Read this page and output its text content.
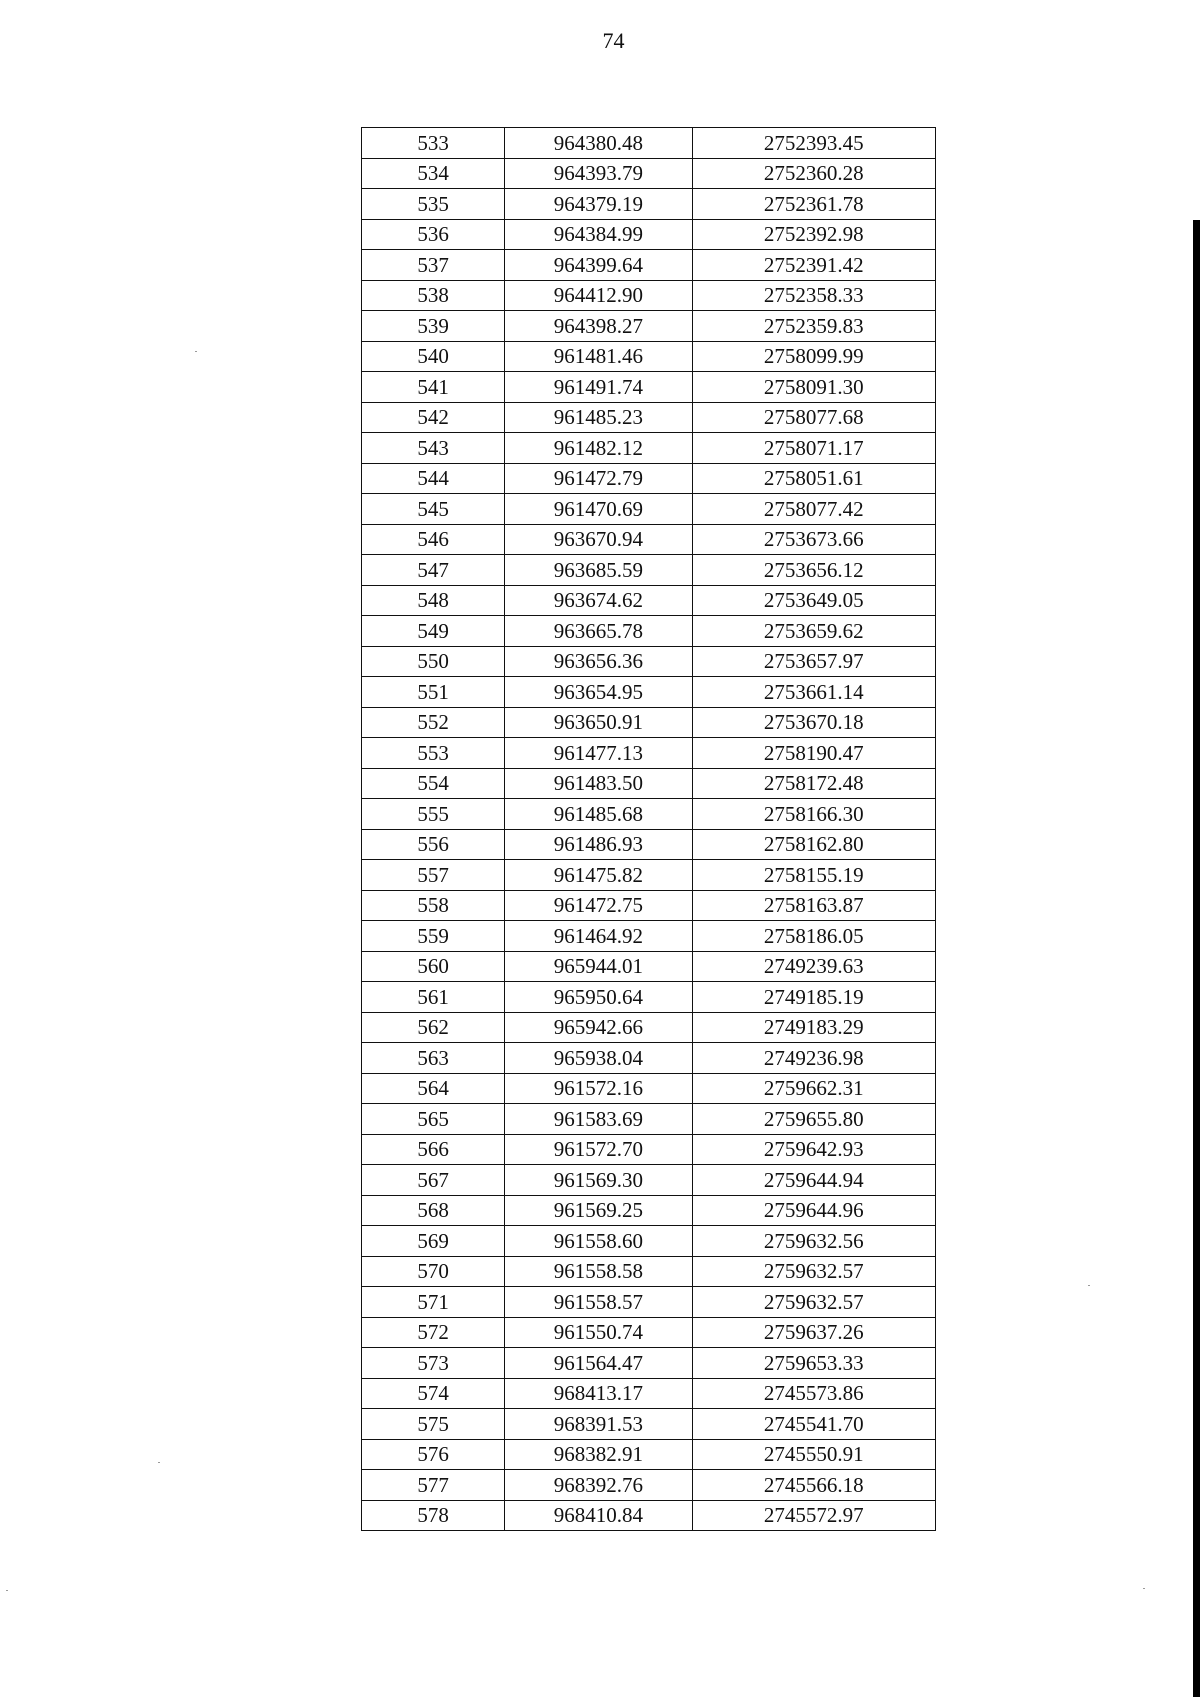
74
533	964380.48	2752393.45
534	964393.79	2752360.28
535	964379.19	2752361.78
536	964384.99	2752392.98
537	964399.64	2752391.42
538	964412.90	2752358.33
539	964398.27	2752359.83
540	961481.46	2758099.99
541	961491.74	2758091.30
542	961485.23	2758077.68
543	961482.12	2758071.17
544	961472.79	2758051.61
545	961470.69	2758077.42
546	963670.94	2753673.66
547	963685.59	2753656.12
548	963674.62	2753649.05
549	963665.78	2753659.62
550	963656.36	2753657.97
551	963654.95	2753661.14
552	963650.91	2753670.18
553	961477.13	2758190.47
554	961483.50	2758172.48
555	961485.68	2758166.30
556	961486.93	2758162.80
557	961475.82	2758155.19
558	961472.75	2758163.87
559	961464.92	2758186.05
560	965944.01	2749239.63
561	965950.64	2749185.19
562	965942.66	2749183.29
563	965938.04	2749236.98
564	961572.16	2759662.31
565	961583.69	2759655.80
566	961572.70	2759642.93
567	961569.30	2759644.94
568	961569.25	2759644.96
569	961558.60	2759632.56
570	961558.58	2759632.57
571	961558.57	2759632.57
572	961550.74	2759637.26
573	961564.47	2759653.33
574	968413.17	2745573.86
575	968391.53	2745541.70
576	968382.91	2745550.91
577	968392.76	2745566.18
578	968410.84	2745572.97
